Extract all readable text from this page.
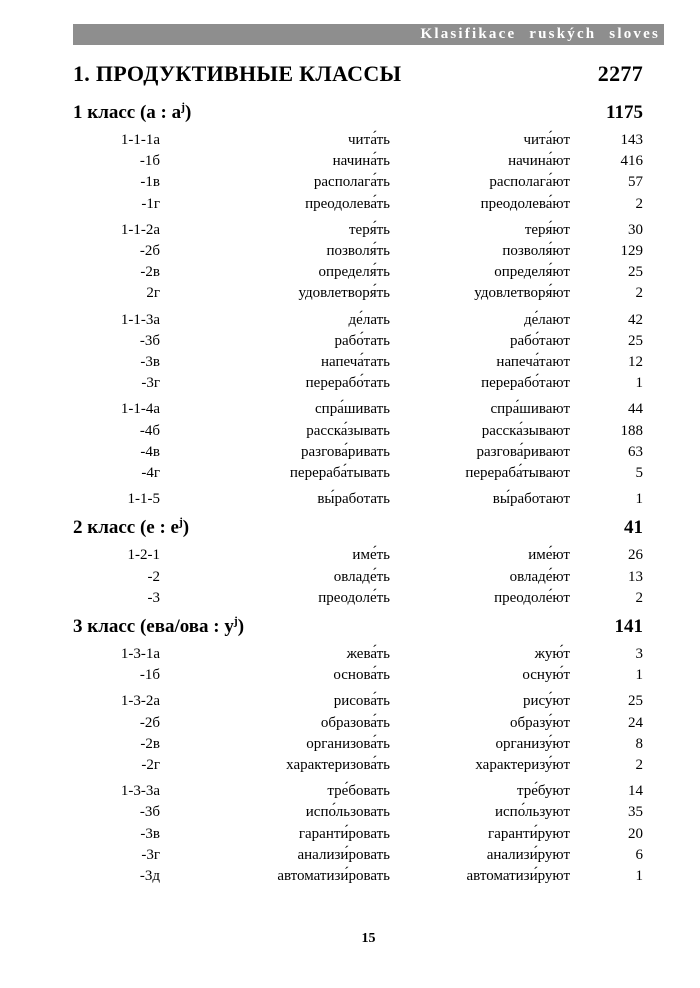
Klasifikace ruských sloves
1. ПРОДУКТИВНЫЕ КЛАССЫ	2277
1 класс (а : $а^j$)	1175
1-1-1а	чита́ть	чита́ют	143
-1б	начина́ть	начина́ют	416
-1в	располага́ть	располага́ют	57
-1г	преодолева́ть	преодолева́ют	2
1-1-2а	теря́ть	теря́ют	30
-2б	позволя́ть	позволя́ют	129
-2в	определя́ть	определя́ют	25
2г	удовлетворя́ть	удовлетворя́ют	2
1-1-3а	де́лать	де́лают	42
-3б	рабо́тать	рабо́тают	25
-3в	напеча́тать	напеча́тают	12
-3г	перерабо́тать	перерабо́тают	1
1-1-4а	спра́шивать	спра́шивают	44
-4б	расска́зывать	расска́зывают	188
-4в	разгова́ривать	разгова́ривают	63
-4г	перераба́тывать	перераба́тывают	5
1-1-5	вы́работать	вы́работают	1
2 класс (е : $е^j$)	41
1-2-1	име́ть	име́ют	26
-2	овладе́ть	овладе́ют	13
-3	преодоле́ть	преодоле́ют	2
3 класс (ева/ова : $у^j$)	141
1-3-1а	жева́ть	жую́т	3
-1б	основа́ть	осную́т	1
1-3-2а	рисова́ть	рису́ют	25
-2б	образова́ть	образу́ют	24
-2в	организова́ть	организу́ют	8
-2г	характеризова́ть	характеризу́ют	2
1-3-3а	тре́бовать	тре́буют	14
-3б	испо́льзовать	испо́льзуют	35
-3в	гаранти́ровать	гаранти́руют	20
-3г	анализи́ровать	анализи́руют	6
-3д	автоматизи́ровать	автоматизи́руют	1
15
